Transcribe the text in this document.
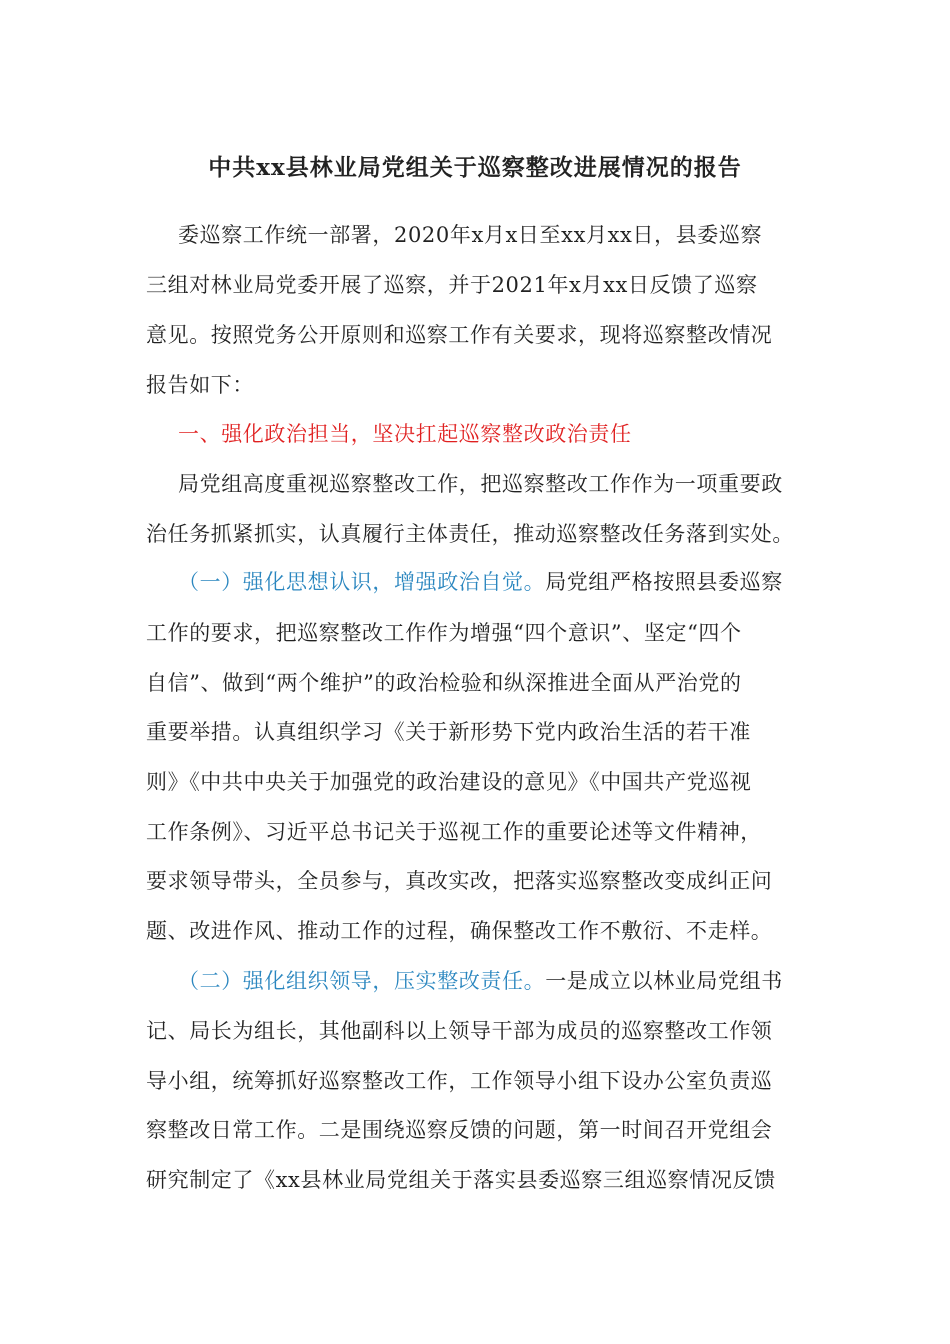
中共xx县林业局党组关于巡察整改进展情况的报告
委巡察工作统一部署，2020年x月x日至xx月xx日，县委巡察
三组对林业局党委开展了巡察，并于2021年x月xx日反馈了巡察
意见。按照党务公开原则和巡察工作有关要求，现将巡察整改情况
报告如下：
一、强化政治担当，坚决扛起巡察整改政治责任
局党组高度重视巡察整改工作，把巡察整改工作作为一项重要政
治任务抓紧抓实，认真履行主体责任，推动巡察整改任务落到实处。
（一）强化思想认识，增强政治自觉。局党组严格按照县委巡察
工作的要求，把巡察整改工作作为增强“四个意识”、坚定“四个
自信”、做到“两个维护”的政治检验和纵深推进全面从严治党的
重要举措。认真组织学习《关于新形势下党内政治生活的若干准
则》《中共中央关于加强党的政治建设的意见》《中国共产党巡视
工作条例》、习近平总书记关于巡视工作的重要论述等文件精神，
要求领导带头，全员参与，真改实改，把落实巡察整改变成纠正问
题、改进作风、推动工作的过程，确保整改工作不敷衍、不走样。
（二）强化组织领导，压实整改责任。一是成立以林业局党组书
记、局长为组长，其他副科以上领导干部为成员的巡察整改工作领
导小组，统筹抓好巡察整改工作，工作领导小组下设办公室负责巡
察整改日常工作。二是围绕巡察反馈的问题，第一时间召开党组会
研究制定了《xx县林业局党组关于落实县委巡察三组巡察情况反馈
